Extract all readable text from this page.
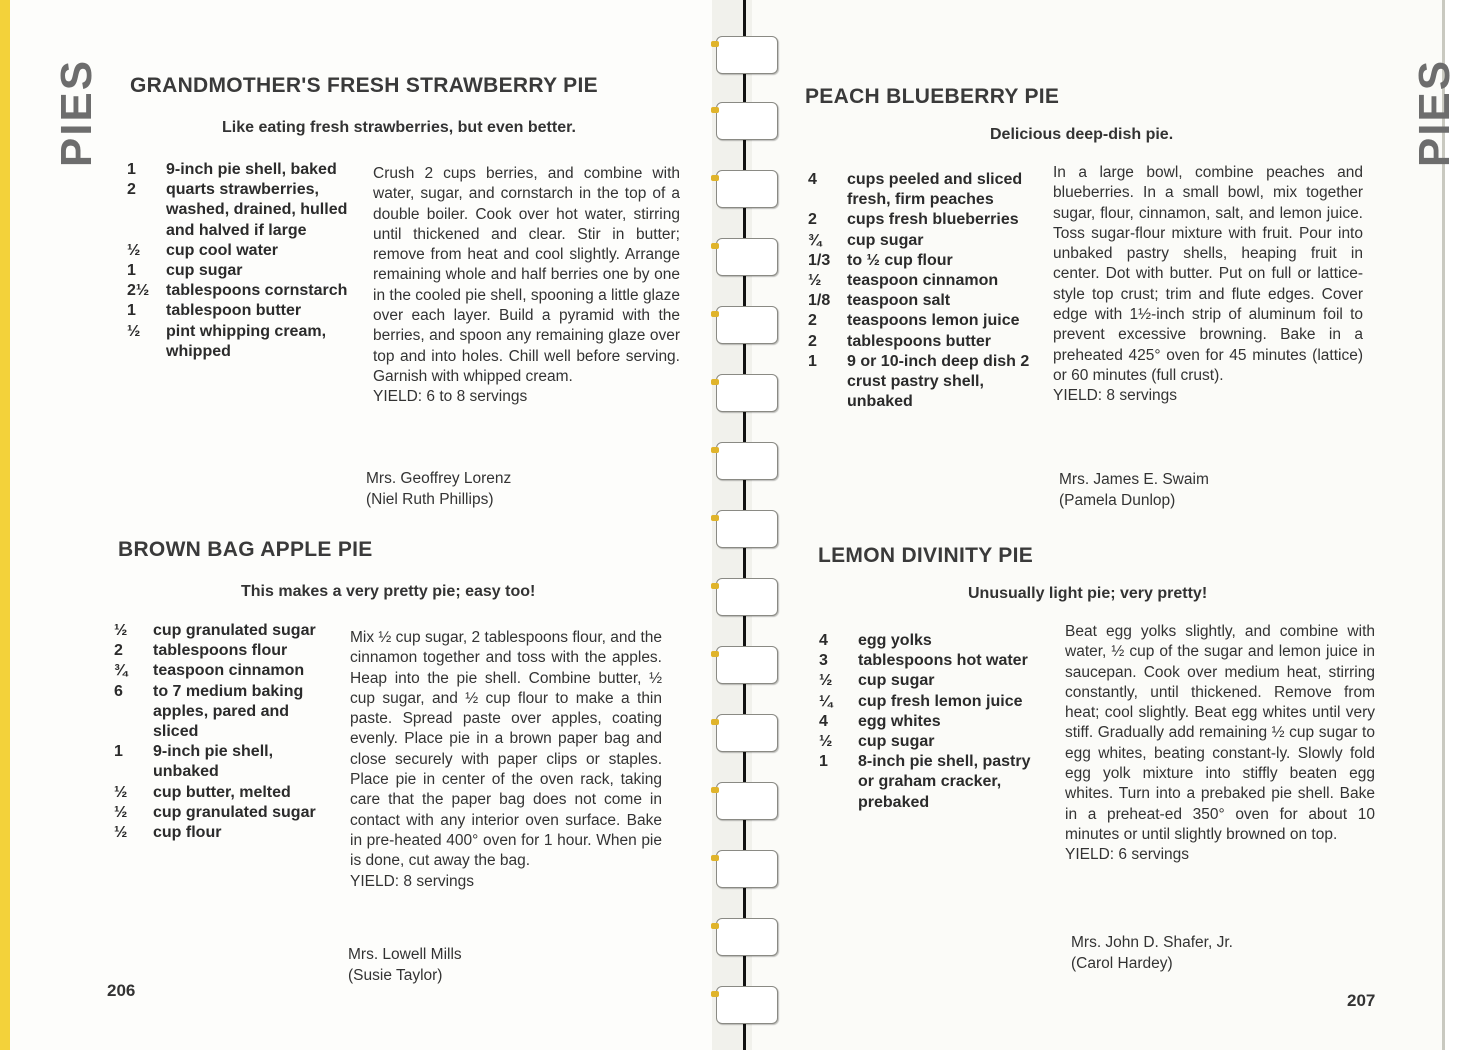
PIES GRANDMOTHER'S FRESH STRAWBERRY PIE
Like eating fresh strawberries, but even better.
1	9-inch pie shell, baked
2	quarts strawberries, washed, drained, hulled and halved if large
½	cup cool water
1	cup sugar
2½	tablespoons cornstarch
1	tablespoon butter
½	pint whipping cream, whipped
Crush 2 cups berries, and combine with water, sugar, and cornstarch in the top of a double boiler. Cook over hot water, stirring until thickened and clear. Stir in butter; remove from heat and cool slightly. Arrange remaining whole and half berries one by one in the cooled pie shell, spooning a little glaze over each layer. Build a pyramid with the berries, and spoon any remaining glaze over top and into holes. Chill well before serving. Garnish with whipped cream.
YIELD: 6 to 8 servings
Mrs. Geoffrey Lorenz
(Niel Ruth Phillips)
BROWN BAG APPLE PIE
This makes a very pretty pie; easy too!
½	cup granulated sugar
2	tablespoons flour
¾	teaspoon cinnamon
6	to 7 medium baking apples, pared and sliced
1	9-inch pie shell, unbaked
½	cup butter, melted
½	cup granulated sugar
½	cup flour
Mix ½ cup sugar, 2 tablespoons flour, and the cinnamon together and toss with the apples. Heap into the pie shell. Combine butter, ½ cup sugar, and ½ cup flour to make a thin paste. Spread paste over apples, coating evenly. Place pie in a brown paper bag and close securely with paper clips or staples. Place pie in center of the oven rack, taking care that the paper bag does not come in contact with any interior oven surface. Bake in pre-heated 400° oven for 1 hour. When pie is done, cut away the bag.
YIELD: 8 servings
Mrs. Lowell Mills
(Susie Taylor)
206
PIES
PEACH BLUEBERRY PIE
Delicious deep-dish pie.
4	cups peeled and sliced fresh, firm peaches
2	cups fresh blueberries
¾	cup sugar
1/3	to ½ cup flour
½	teaspoon cinnamon
1/8	teaspoon salt
2	teaspoons lemon juice
2	tablespoons butter
1	9 or 10-inch deep dish 2 crust pastry shell, unbaked
In a large bowl, combine peaches and blueberries. In a small bowl, mix together sugar, flour, cinnamon, salt, and lemon juice. Toss sugar-flour mixture with fruit. Pour into unbaked pastry shells, heaping fruit in center. Dot with butter. Put on full or lattice-style top crust; trim and flute edges. Cover edge with 1½-inch strip of aluminum foil to prevent excessive browning. Bake in a preheated 425° oven for 45 minutes (lattice) or 60 minutes (full crust).
YIELD: 8 servings
Mrs. James E. Swaim
(Pamela Dunlop)
LEMON DIVINITY PIE
Unusually light pie; very pretty!
4	egg yolks
3	tablespoons hot water
½	cup sugar
¼	cup fresh lemon juice
4	egg whites
½	cup sugar
1	8-inch pie shell, pastry or graham cracker, prebaked
Beat egg yolks slightly, and combine with water, ½ cup of the sugar and lemon juice in saucepan. Cook over medium heat, stirring constantly, until thickened. Remove from heat; cool slightly. Beat egg whites until very stiff. Gradually add remaining ½ cup sugar to egg whites, beating constant-ly. Slowly fold egg yolk mixture into stiffly beaten egg whites. Turn into a prebaked pie shell. Bake in a preheat-ed 350° oven for about 10 minutes or until slightly browned on top.
YIELD: 6 servings
Mrs. John D. Shafer, Jr.
(Carol Hardey)
207
